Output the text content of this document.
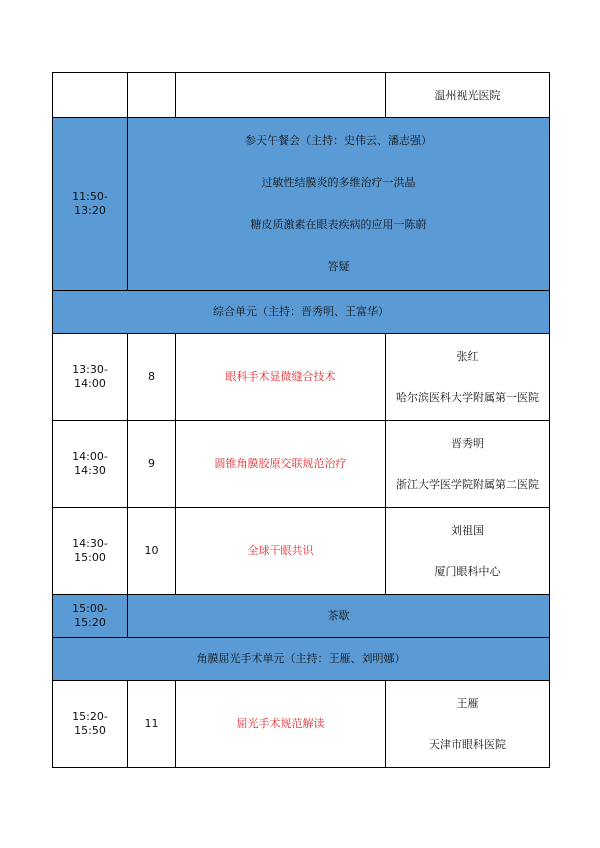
			温州视光医院
11:50-13:20	参天午餐会（主持：史伟云、潘志强）

过敏性结膜炎的多维治疗一洪晶

糖皮质激素在眼表疾病的应用一陈蔚

答疑		

综合单元（主持：晋秀明、王富华）			
13:30-14:00	8	眼科手术显微缝合技术	张红

哈尔滨医科大学附属第一医院

14:00-14:30	9	圆锥角膜胶原交联规范治疗	晋秀明

浙江大学医学院附属第二医院

14:30-15:00	10	全球干眼共识	刘祖国

厦门眼科中心

15:00-15:20	茶歇		
角膜屈光手术单元（主持：王雁、刘明娜）			
15:20-15:50	11	屈光手术规范解读	王雁

天津市眼科医院
